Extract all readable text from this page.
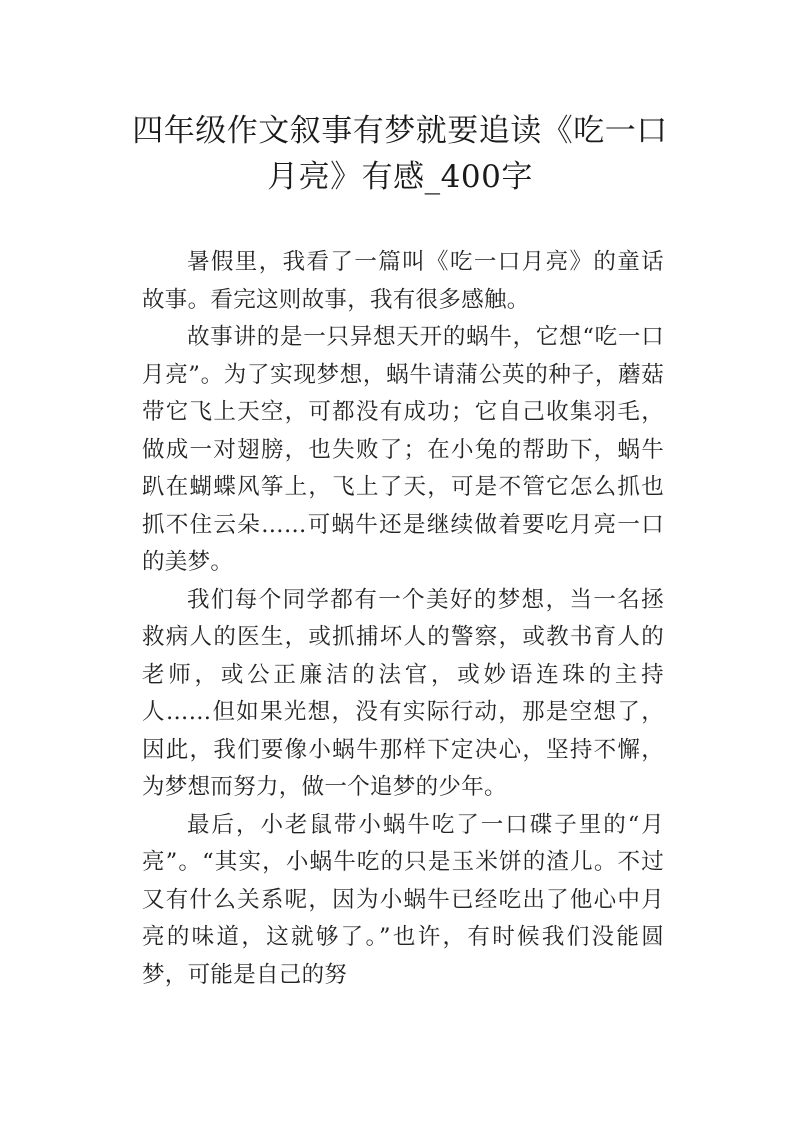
四年级作文叙事有梦就要追读《吃一口月亮》有感_400字

暑假里，我看了一篇叫《吃一口月亮》的童话故事。看完这则故事，我有很多感触。

故事讲的是一只异想天开的蜗牛，它想“吃一口月亮”。为了实现梦想，蜗牛请蒲公英的种子，蘑菇带它飞上天空，可都没有成功；它自己收集羽毛，做成一对翅膀，也失败了；在小兔的帮助下，蜗牛趴在蝴蝶风筝上，飞上了天，可是不管它怎么抓也抓不住云朵……可蜗牛还是继续做着要吃月亮一口的美梦。

我们每个同学都有一个美好的梦想，当一名拯救病人的医生，或抓捕坏人的警察，或教书育人的老师，或公正廉洁的法官，或妙语连珠的主持人……但如果光想，没有实际行动，那是空想了，因此，我们要像小蜗牛那样下定决心，坚持不懈，为梦想而努力，做一个追梦的少年。

最后，小老鼠带小蜗牛吃了一口碟子里的“月亮”。“其实，小蜗牛吃的只是玉米饼的渣儿。不过又有什么关系呢，因为小蜗牛已经吃出了他心中月亮的味道，这就够了。”也许，有时候我们没能圆梦，可能是自己的努
